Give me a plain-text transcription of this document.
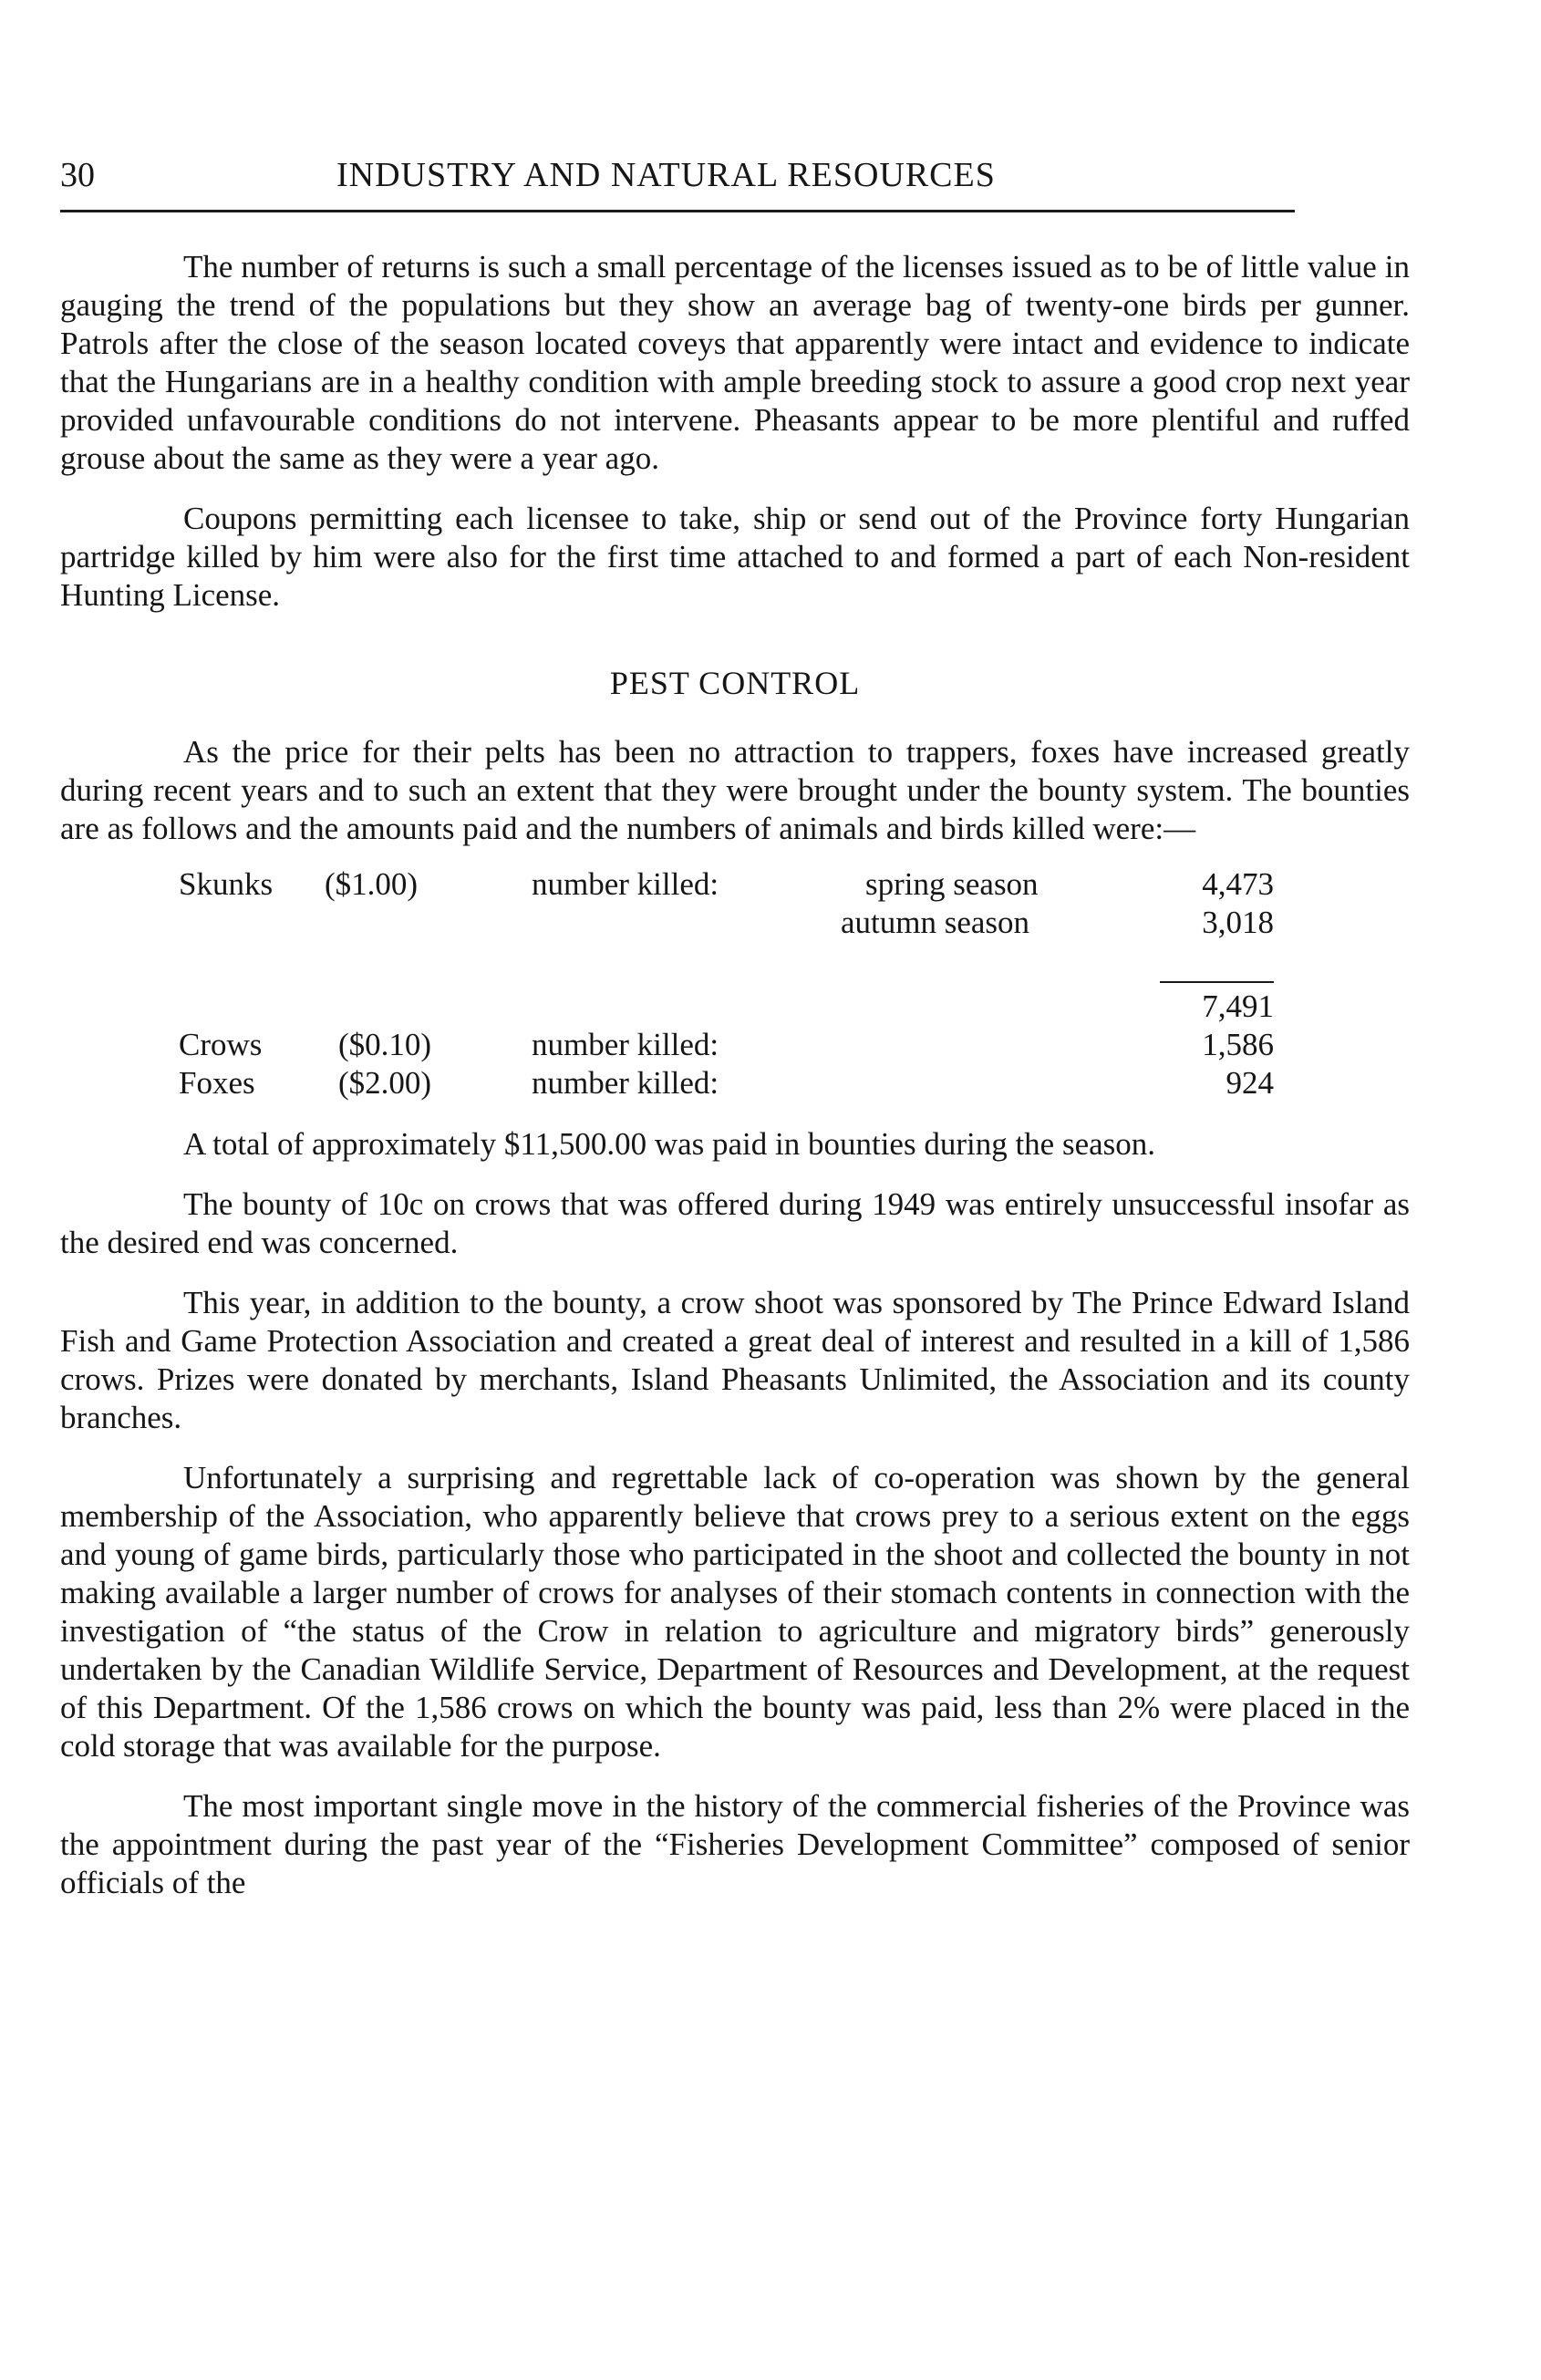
30	INDUSTRY AND NATURAL RESOURCES

The number of returns is such a small percentage of the licenses issued as to be of little value in gauging the trend of the populations but they show an average bag of twenty-one birds per gunner. Patrols after the close of the season located coveys that apparently were intact and evidence to indicate that the Hungarians are in a healthy condition with ample breeding stock to assure a good crop next year provided unfavourable conditions do not intervene. Pheasants appear to be more plentiful and ruffed grouse about the same as they were a year ago.

Coupons permitting each licensee to take, ship or send out of the Province forty Hungarian partridge killed by him were also for the first time attached to and formed a part of each Non-resident Hunting License.

PEST CONTROL

As the price for their pelts has been no attraction to trappers, foxes have increased greatly during recent years and to such an extent that they were brought under the bounty system. The bounties are as follows and the amounts paid and the numbers of animals and birds killed were:—

Skunks ($1.00)	number killed:	spring season	4,473
autumn season	3,018
7,491
Crows ($0.10)	number killed:	1,586
Foxes	($2.00)	number killed:	924

A total of approximately $11,500.00 was paid in bounties during the season.

The bounty of 10c on crows that was offered during 1949 was entirely unsuccessful insofar as the desired end was concerned.

This year, in addition to the bounty, a crow shoot was sponsored by The Prince Edward Island Fish and Game Protection Association and created a great deal of interest and resulted in a kill of 1,586 crows. Prizes were donated by merchants, Island Pheasants Unlimited, the Association and its county branches.

Unfortunately a surprising and regrettable lack of co-operation was shown by the general membership of the Association, who apparently believe that crows prey to a serious extent on the eggs and young of game birds, particularly those who participated in the shoot and collected the bounty in not making available a larger number of crows for analyses of their stomach contents in connection with the investigation of “the status of the Crow in relation to agriculture and migratory birds” generously undertaken by the Canadian Wildlife Service, Department of Resources and Development, at the request of this Department. Of the 1,586 crows on which the bounty was paid, less than 2% were placed in the cold storage that was available for the purpose.

The most important single move in the history of the commercial fisheries of the Province was the appointment during the past year of the “Fisheries Development Committee” composed of senior officials of the
